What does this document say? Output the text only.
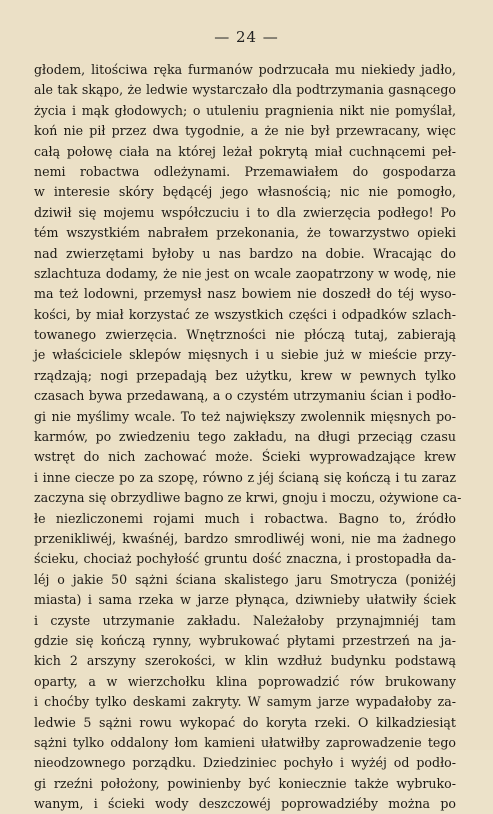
— 24 —
głodem, litościwa ręka furmanów podrzucała mu niekiedy jadło,
ale tak skąpo, że ledwie wystarczało dla podtrzymania gasnącego
życia i mąk głodowych; o utuleniu pragnienia nikt nie pomyślał,
koń nie pił przez dwa tygodnie, a że nie był przewracany, więc
całą połowę ciała na której leżał pokrytą miał cuchnącemi peł-
nemi robactwa odleżynami. Przemawiałem do gospodarza
w interesie skóry będącéj jego własnością; nic nie pomogło,
dziwił się mojemu współczuciu i to dla zwierzęcia podłego! Po
tém wszystkiém nabrałem przekonania, że towarzystwo opieki
nad zwierzętami byłoby u nas bardzo na dobie. Wracając do
szlachtuza dodamy, że nie jest on wcale zaopatrzony w wodę, nie
ma też lodowni, przemysł nasz bowiem nie doszedł do téj wyso-
kości, by miał korzystać ze wszystkich części i odpadków szlach-
towanego zwierzęcia. Wnętrzności nie płóczą tutaj, zabierają
je właściciele sklepów mięsnych i u siebie już w mieście przy-
rządzają; nogi przepadają bez użytku, krew w pewnych tylko
czasach bywa przedawaną, a o czystém utrzymaniu ścian i podło-
gi nie myślimy wcale. To też największy zwolennik mięsnych po-
karmów, po zwiedzeniu tego zakładu, na długi przeciąg czasu
wstręt do nich zachować może. Ścieki wyprowadzające krew
i inne ciecze po za szopę, równo z jéj ścianą się kończą i tu zaraz
zaczyna się obrzydliwe bagno ze krwi, gnoju i moczu, ożywione ca-
łe niezliczonemi rojami much i robactwa. Bagno to, źródło
przenikliwéj, kwaśnéj, bardzo smrodliwéj woni, nie ma żadnego
ścieku, chociaż pochyłość gruntu dość znaczna, i prostopadła da-
léj o jakie 50 sążni ściana skalistego jaru Smotrycza (poniżéj
miasta) i sama rzeka w jarze płynąca, dziwnieby ułatwiły ściek
i czyste utrzymanie zakładu. Należałoby przynajmniéj tam
gdzie się kończą rynny, wybrukować płytami przestrzeń na ja-
kich 2 arszyny szerokości, w klin wzdłuż budynku podstawą
oparty, a w wierzchołku klina poprowadzić rów brukowany
i choćby tylko deskami zakryty. W samym jarze wypadałoby za-
ledwie 5 sążni rowu wykopać do koryta rzeki. O kilkadziesiąt
sążni tylko oddalony łom kamieni ułatwiłby zaprowadzenie tego
nieodzownego porządku. Dziedziniec pochyło i wyżéj od podło-
gi rzeźni położony, powinienby być koniecznie także wybruko-
wanym, i ścieki wody deszczowéj poprowadziéby można po
